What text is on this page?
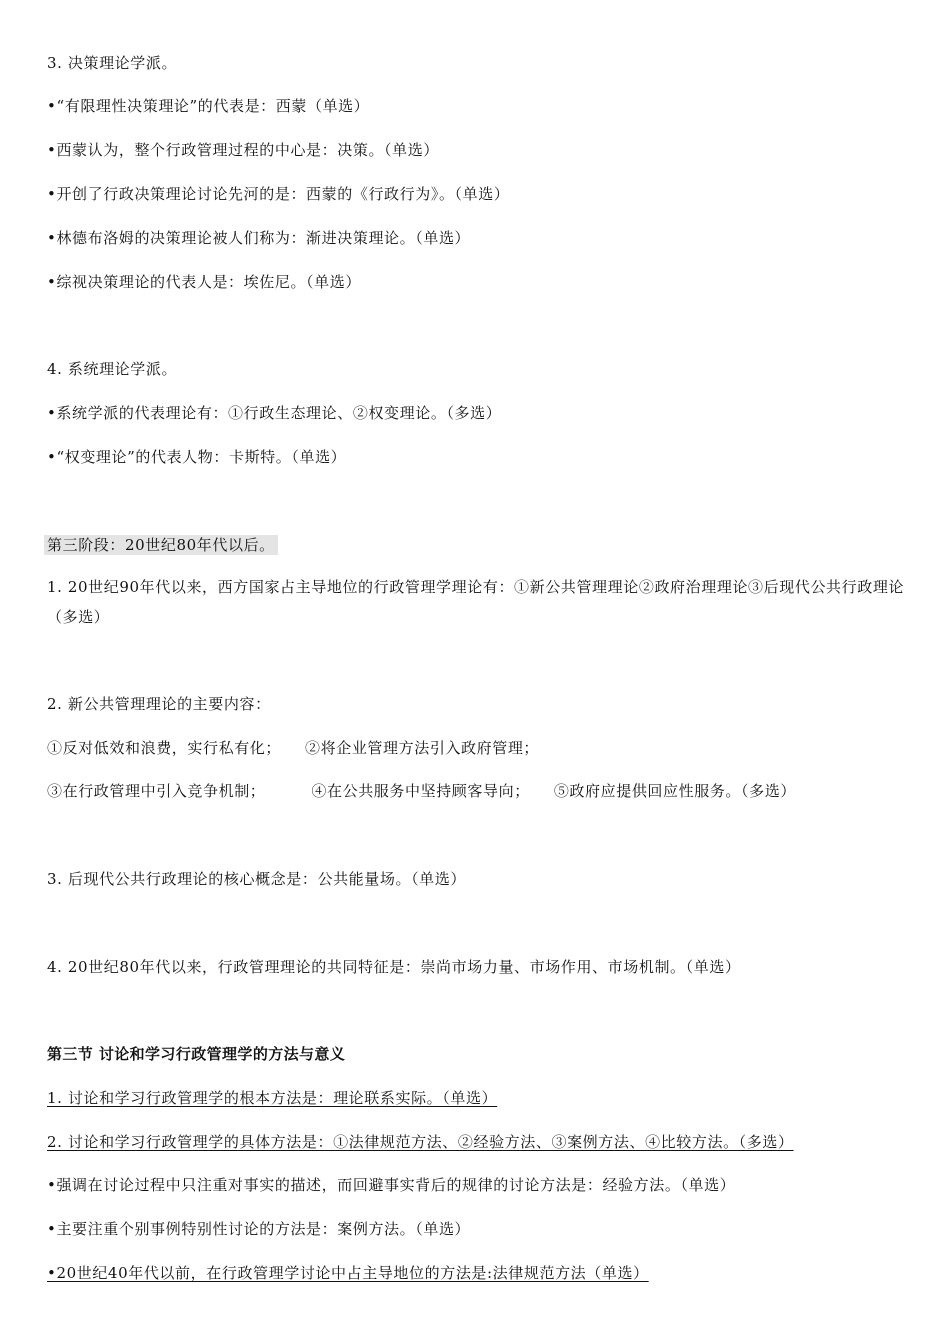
3. 决策理论学派。
•“有限理性决策理论”的代表是：西蒙（单选）
•西蒙认为，整个行政管理过程的中心是：决策。（单选）
•开创了行政决策理论讨论先河的是：西蒙的《行政行为》。（单选）
•林德布洛姆的决策理论被人们称为：渐进决策理论。（单选）
•综视决策理论的代表人是：埃佐尼。（单选）
4. 系统理论学派。
•系统学派的代表理论有：①行政生态理论、②权变理论。（多选）
•“权变理论”的代表人物：卡斯特。（单选）
第三阶段：20世纪80年代以后。
1. 20世纪90年代以来，西方国家占主导地位的行政管理学理论有：①新公共管理理论②政府治理理论③后现代公共行政理论（多选）
2. 新公共管理理论的主要内容：
①反对低效和浪费，实行私有化； ②将企业管理方法引入政府管理；
③在行政管理中引入竞争机制；	④在公共服务中坚持顾客导向； ⑤政府应提供回应性服务。（多选）
3. 后现代公共行政理论的核心概念是：公共能量场。（单选）
4. 20世纪80年代以来，行政管理理论的共同特征是：崇尚市场力量、市场作用、市场机制。（单选）
第三节 讨论和学习行政管理学的方法与意义
1. 讨论和学习行政管理学的根本方法是：理论联系实际。（单选）
2. 讨论和学习行政管理学的具体方法是：①法律规范方法、②经验方法、③案例方法、④比较方法。（多选）
•强调在讨论过程中只注重对事实的描述，而回避事实背后的规律的讨论方法是：经验方法。（单选）
•主要注重个别事例特别性讨论的方法是：案例方法。（单选）
•20世纪40年代以前，在行政管理学讨论中占主导地位的方法是:法律规范方法（单选）
